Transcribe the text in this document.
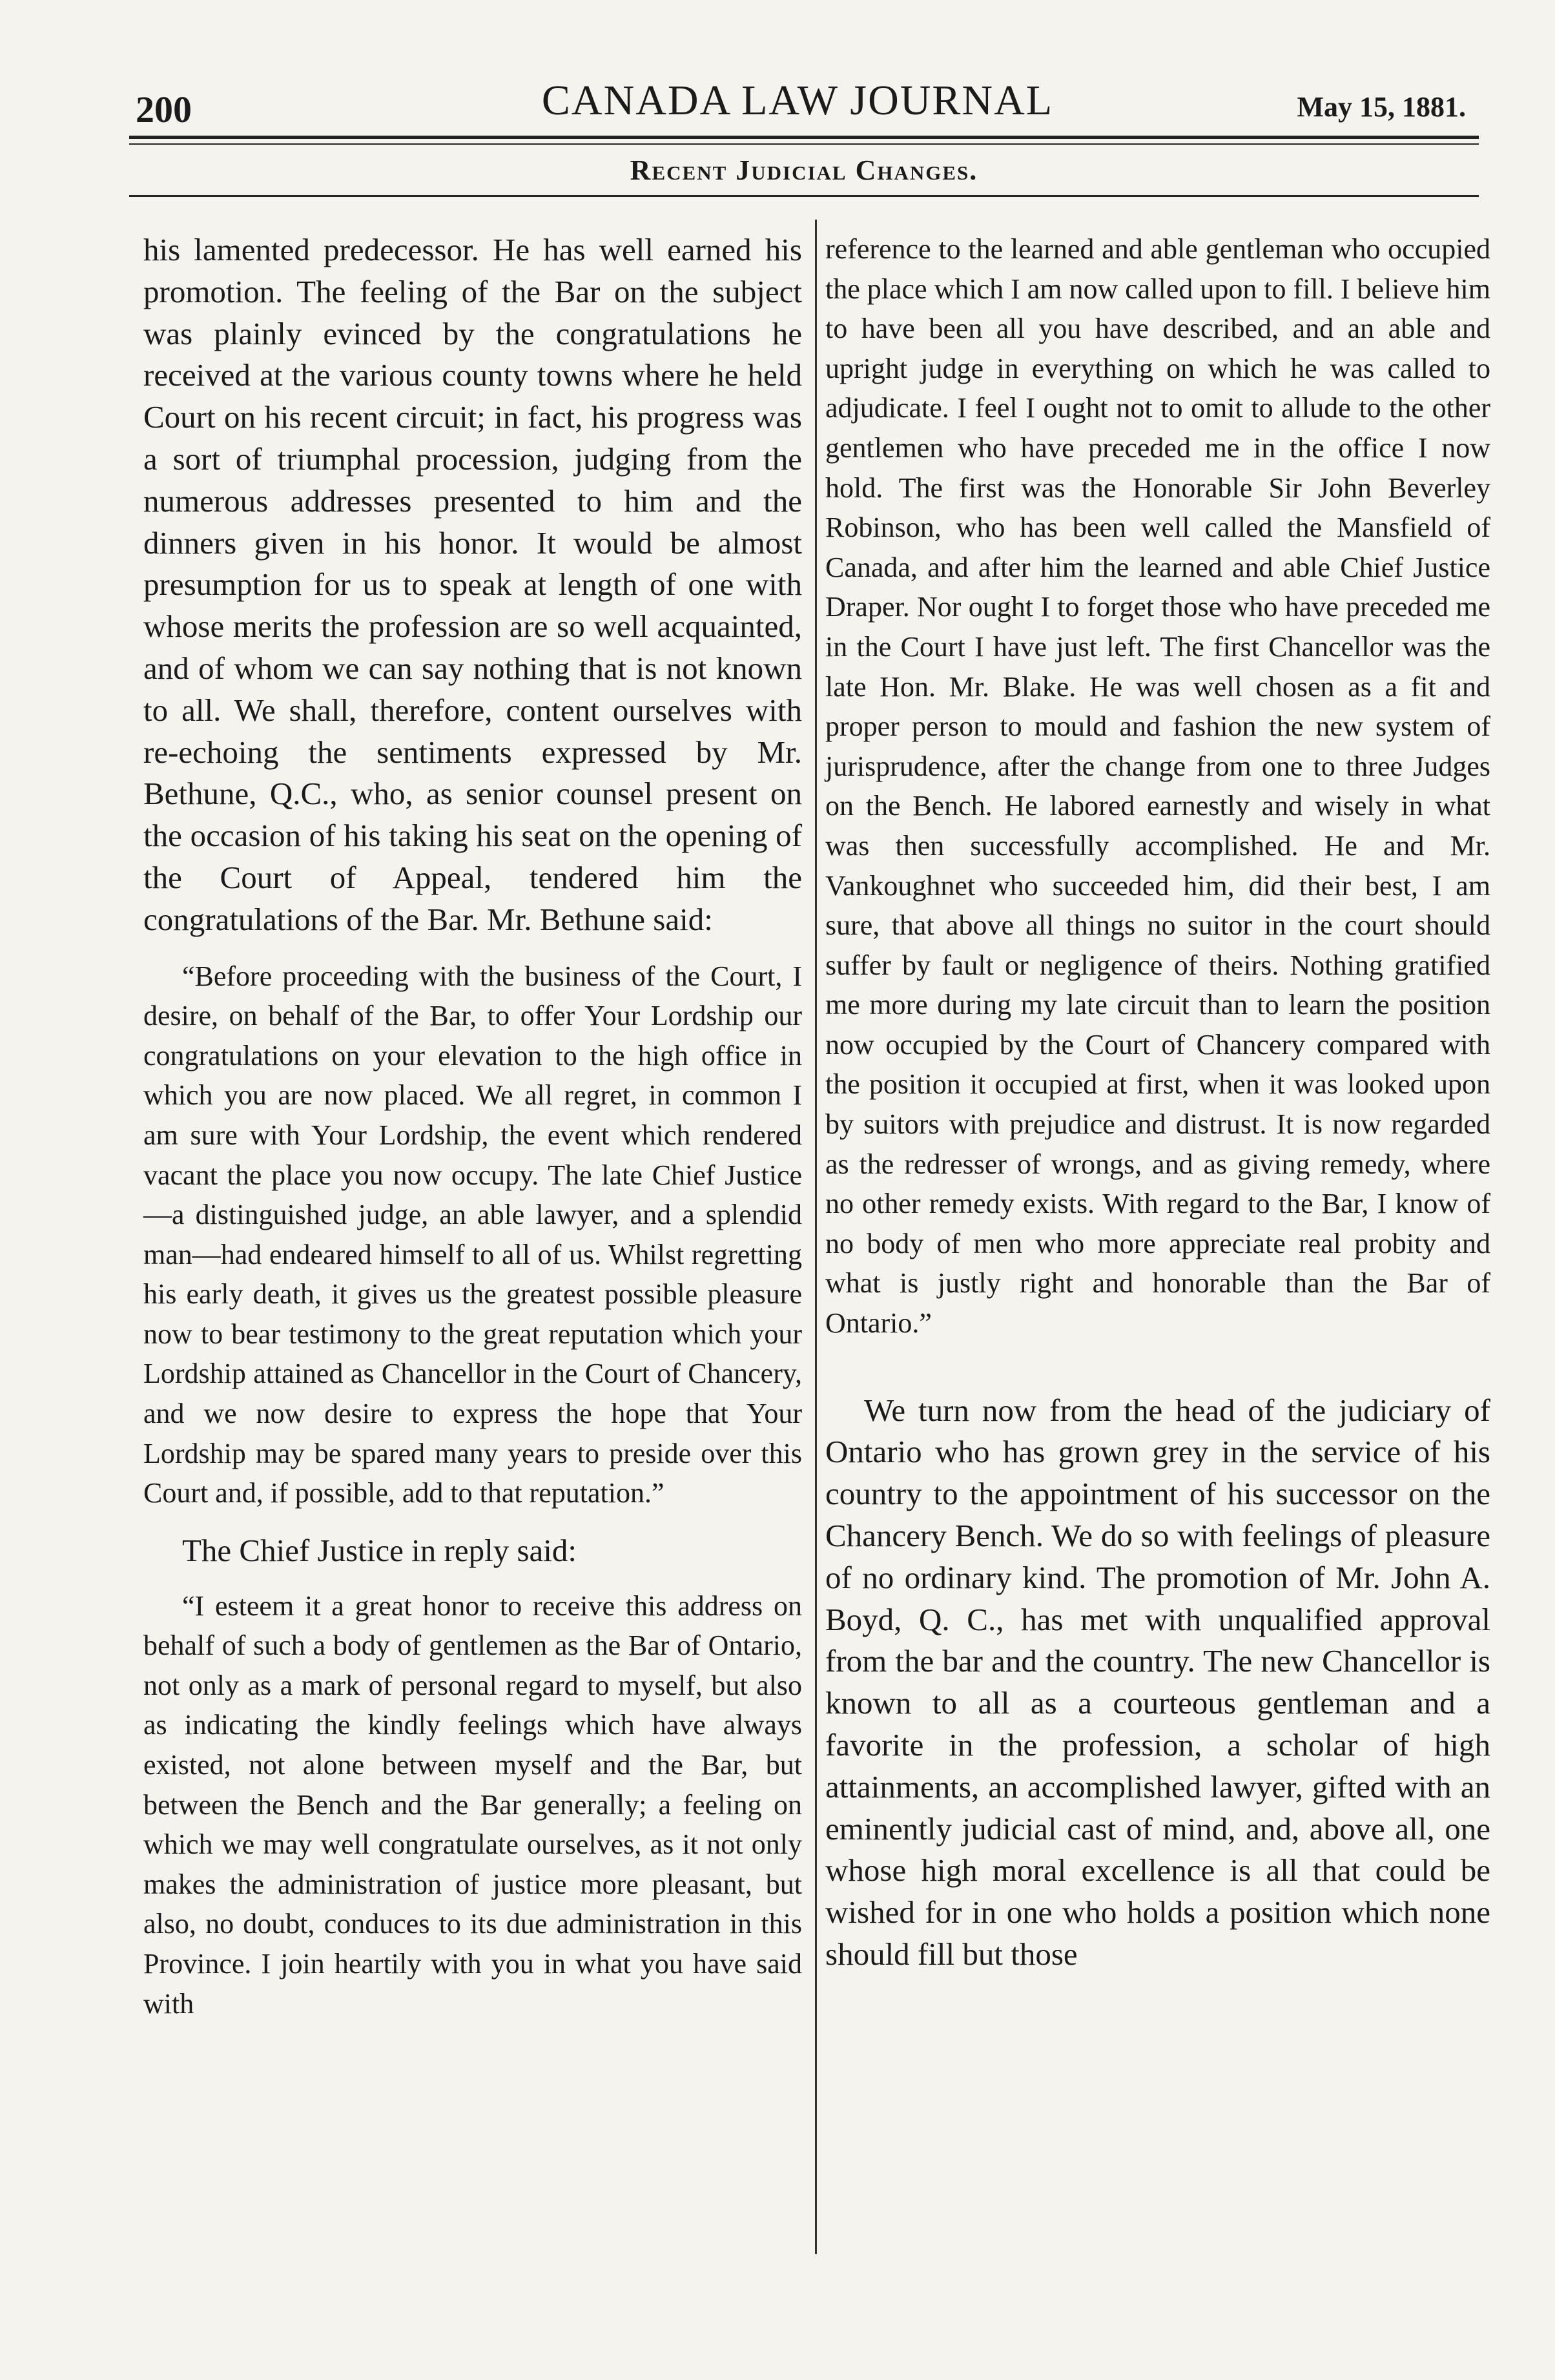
200	CANADA LAW JOURNAL	May 15, 1881.
Recent Judicial Changes.

his lamented predecessor. He has well earned his promotion. The feeling of the Bar on the subject was plainly evinced by the congratulations he received at the various county towns where he held Court on his recent circuit; in fact, his progress was a sort of triumphal procession, judging from the numerous addresses presented to him and the dinners given in his honor. It would be almost presumption for us to speak at length of one with whose merits the profession are so well acquainted, and of whom we can say nothing that is not known to all. We shall, therefore, content ourselves with re-echoing the sentiments expressed by Mr. Bethune, Q.C., who, as senior counsel present on the occasion of his taking his seat on the opening of the Court of Appeal, tendered him the congratulations of the Bar. Mr. Bethune said:

“Before proceeding with the business of the Court, I desire, on behalf of the Bar, to offer Your Lordship our congratulations on your elevation to the high office in which you are now placed. We all regret, in common I am sure with Your Lordship, the event which rendered vacant the place you now occupy. The late Chief Justice—a distinguished judge, an able lawyer, and a splendid man—had endeared himself to all of us. Whilst regretting his early death, it gives us the greatest possible pleasure now to bear testimony to the great reputation which your Lordship attained as Chancellor in the Court of Chancery, and we now desire to express the hope that Your Lordship may be spared many years to preside over this Court and, if possible, add to that reputation.”

The Chief Justice in reply said:

“I esteem it a great honor to receive this address on behalf of such a body of gentlemen as the Bar of Ontario, not only as a mark of personal regard to myself, but also as indicating the kindly feelings which have always existed, not alone between myself and the Bar, but between the Bench and the Bar generally; a feeling on which we may well congratulate ourselves, as it not only makes the administration of justice more pleasant, but also, no doubt, conduces to its due administration in this Province. I join heartily with you in what you have said with

reference to the learned and able gentleman who occupied the place which I am now called upon to fill. I believe him to have been all you have described, and an able and upright judge in everything on which he was called to adjudicate. I feel I ought not to omit to allude to the other gentlemen who have preceded me in the office I now hold. The first was the Honorable Sir John Beverley Robinson, who has been well called the Mansfield of Canada, and after him the learned and able Chief Justice Draper. Nor ought I to forget those who have preceded me in the Court I have just left. The first Chancellor was the late Hon. Mr. Blake. He was well chosen as a fit and proper person to mould and fashion the new system of jurisprudence, after the change from one to three Judges on the Bench. He labored earnestly and wisely in what was then successfully accomplished. He and Mr. Vankoughnet who succeeded him, did their best, I am sure, that above all things no suitor in the court should suffer by fault or negligence of theirs. Nothing gratified me more during my late circuit than to learn the position now occupied by the Court of Chancery compared with the position it occupied at first, when it was looked upon by suitors with prejudice and distrust. It is now regarded as the redresser of wrongs, and as giving remedy, where no other remedy exists. With regard to the Bar, I know of no body of men who more appreciate real probity and what is justly right and honorable than the Bar of Ontario.”

We turn now from the head of the judiciary of Ontario who has grown grey in the service of his country to the appointment of his successor on the Chancery Bench. We do so with feelings of pleasure of no ordinary kind. The promotion of Mr. John A. Boyd, Q. C., has met with unqualified approval from the bar and the country. The new Chancellor is known to all as a courteous gentleman and a favorite in the profession, a scholar of high attainments, an accomplished lawyer, gifted with an eminently judicial cast of mind, and, above all, one whose high moral excellence is all that could be wished for in one who holds a position which none should fill but those
